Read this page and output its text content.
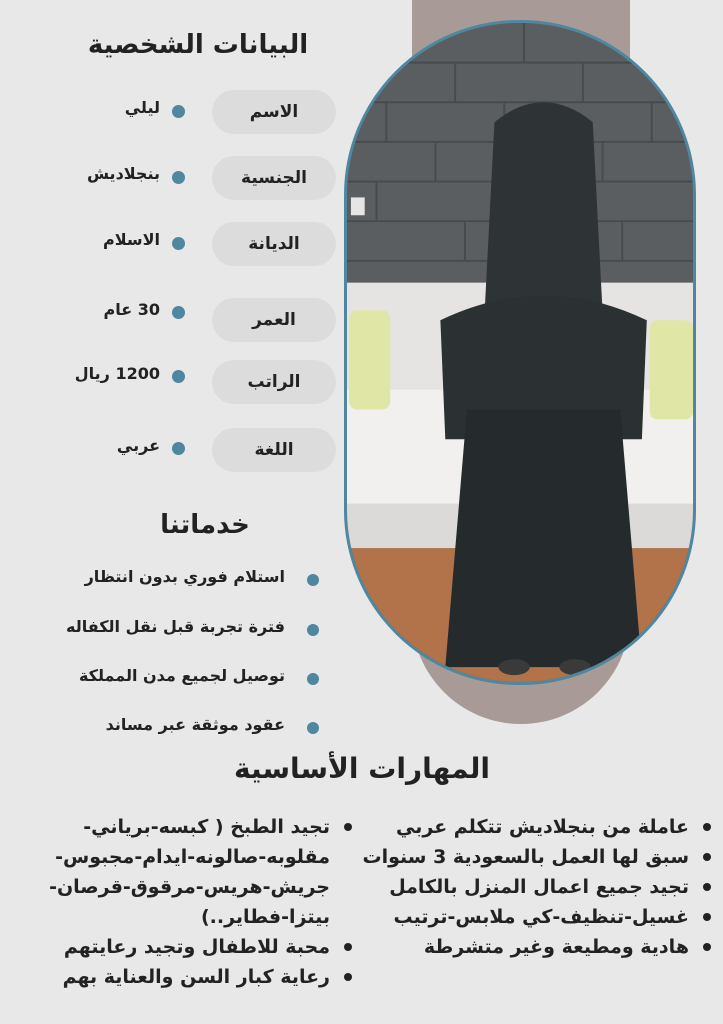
البيانات الشخصية
الاسم
ليلي
الجنسية
بنجلاديش
الديانة
الاسلام
العمر
30 عام
الراتب
1200 ريال
اللغة
عربي
خدماتنا
استلام فوري بدون انتظار
فترة تجربة قبل نقل الكفاله
توصيل لجميع مدن المملكة
عقود موثقة عبر مساند
المهارات الأساسية
عاملة من بنجلاديش تتكلم عربي
سبق لها العمل بالسعودية 3 سنوات
تجيد جميع اعمال المنزل بالكامل
غسيل-تنظيف-كي ملابس-ترتيب
هادية ومطيعة وغير متشرطة
تجيد الطبخ ( كبسه-برياني-مقلوبه-صالونه-ايدام-مجبوس-جريش-هريس-مرقوق-قرصان-بيتزا-فطاير..)
محبة للاطفال وتجيد رعايتهم
رعاية كبار السن والعناية بهم
